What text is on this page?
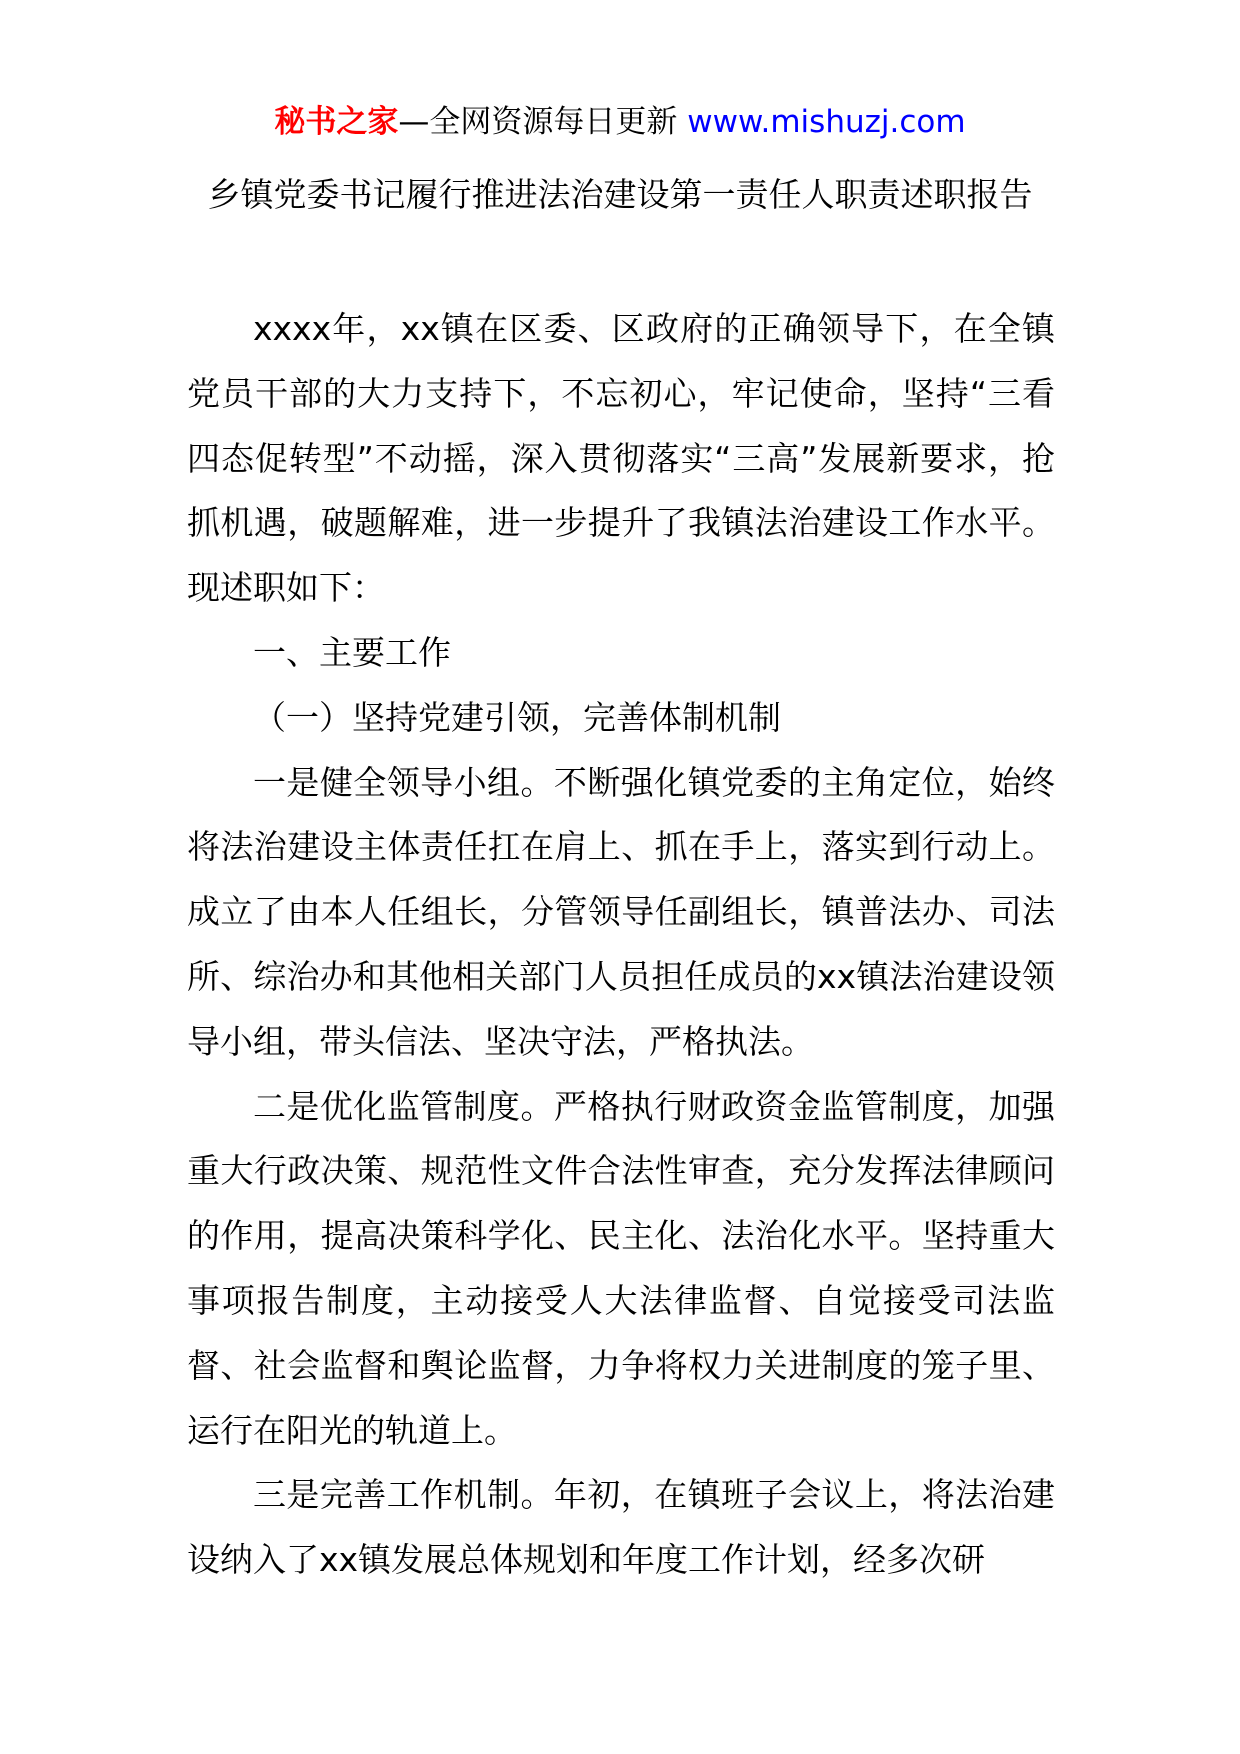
秘书之家—全网资源每日更新 www.mishuzj.com
乡镇党委书记履行推进法治建设第一责任人职责述职报告

xxxx年，xx镇在区委、区政府的正确领导下，在全镇党员干部的大力支持下，不忘初心，牢记使命，坚持“三看四态促转型”不动摇，深入贯彻落实“三高”发展新要求，抢抓机遇，破题解难，进一步提升了我镇法治建设工作水平。现述职如下：

一、主要工作

（一）坚持党建引领，完善体制机制

一是健全领导小组。不断强化镇党委的主角定位，始终将法治建设主体责任扛在肩上、抓在手上，落实到行动上。成立了由本人任组长，分管领导任副组长，镇普法办、司法所、综治办和其他相关部门人员担任成员的xx镇法治建设领导小组，带头信法、坚决守法，严格执法。

二是优化监管制度。严格执行财政资金监管制度，加强重大行政决策、规范性文件合法性审查，充分发挥法律顾问的作用，提高决策科学化、民主化、法治化水平。坚持重大事项报告制度，主动接受人大法律监督、自觉接受司法监督、社会监督和舆论监督，力争将权力关进制度的笼子里、运行在阳光的轨道上。

三是完善工作机制。年初，在镇班子会议上，将法治建设纳入了xx镇发展总体规划和年度工作计划，经多次研
